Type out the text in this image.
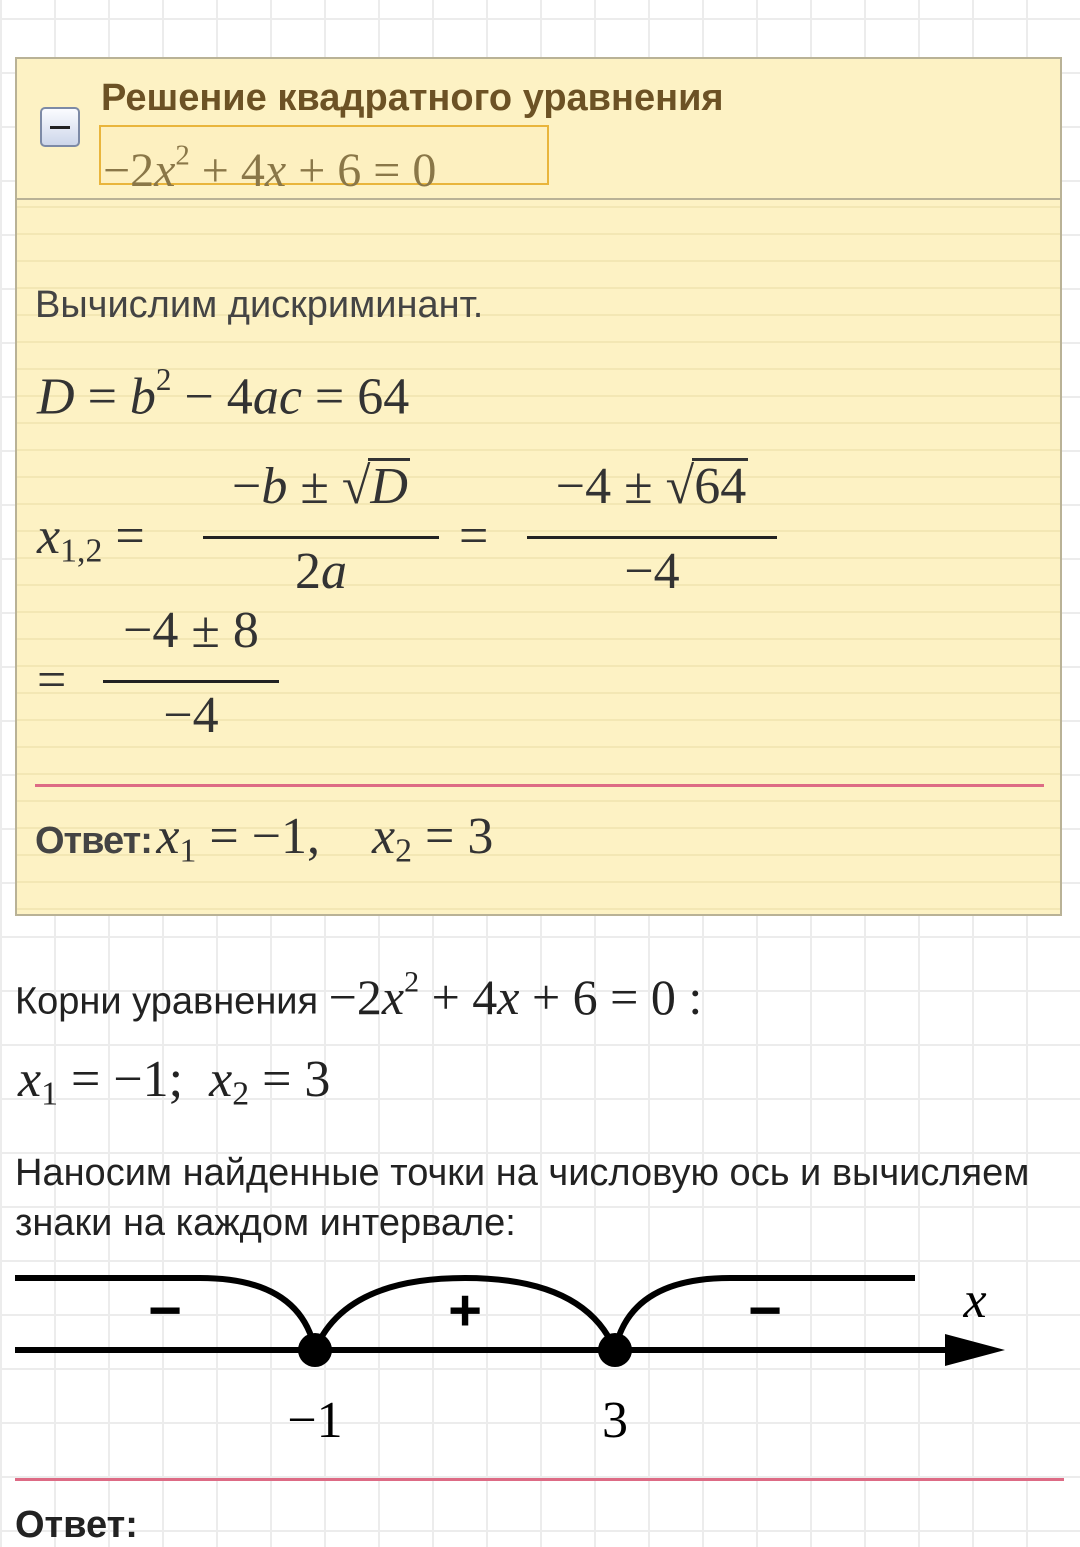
Решение квадратного уравнения
$-2x^2 + 4x + 6 = 0$
Вычислим дискриминант.
$D = b^2 - 4ac = 64$
$x_{1,2}$ =
−b ± √D
2a
=
−4 ± √64
−4
=
−4 ± 8
−4
Ответ: $x_1 = -1$,    $x_2 = 3$
Корни уравнения $-2x^2 + 4x + 6 = 0$ :
$x_1 = -1$;  $x_2 = 3$
Наносим найденные точки на числовую ось и вычисляем знаки на каждом интервале:
−	+	−	x
−1	3
Ответ:
